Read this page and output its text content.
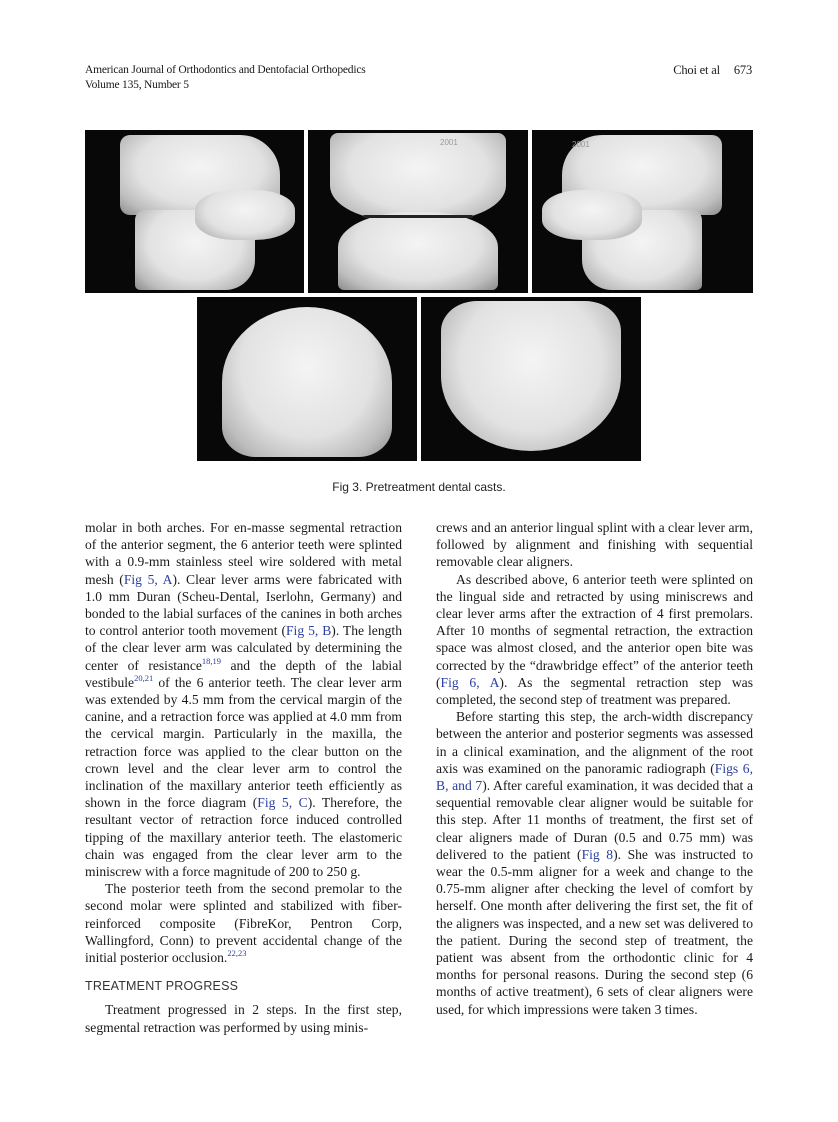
American Journal of Orthodontics and Dentofacial Orthopedics
Volume 135, Number 5
Choi et al 673
2001	2001
Fig 3. Pretreatment dental casts.

molar in both arches. For en-masse segmental retraction of the anterior segment, the 6 anterior teeth were splinted with a 0.9-mm stainless steel wire soldered with metal mesh (Fig 5, A). Clear lever arms were fabricated with 1.0 mm Duran (Scheu-Dental, Iserlohn, Germany) and bonded to the labial surfaces of the canines in both arches to control anterior tooth movement (Fig 5, B). The length of the clear lever arm was calculated by determining the center of resistance$^{18,19}$ and the depth of the labial vestibule$^{20,21}$ of the 6 anterior teeth. The clear lever arm was extended by 4.5 mm from the cervical margin of the canine, and a retraction force was applied at 4.0 mm from the cervical margin. Particularly in the maxilla, the retraction force was applied to the clear button on the crown level and the clear lever arm to control the inclination of the maxillary anterior teeth efficiently as shown in the force diagram (Fig 5, C). Therefore, the resultant vector of retraction force induced controlled tipping of the maxillary anterior teeth. The elastomeric chain was engaged from the clear lever arm to the miniscrew with a force magnitude of 200 to 250 g.

The posterior teeth from the second premolar to the second molar were splinted and stabilized with fiber-reinforced composite (FibreKor, Pentron Corp, Wallingford, Conn) to prevent accidental change of the initial posterior occlusion.$^{22,23}$

TREATMENT PROGRESS

Treatment progressed in 2 steps. In the first step, segmental retraction was performed by using minis-

crews and an anterior lingual splint with a clear lever arm, followed by alignment and finishing with sequential removable clear aligners.

As described above, 6 anterior teeth were splinted on the lingual side and retracted by using miniscrews and clear lever arms after the extraction of 4 first premolars. After 10 months of segmental retraction, the extraction space was almost closed, and the anterior open bite was corrected by the “drawbridge effect” of the anterior teeth (Fig 6, A). As the segmental retraction step was completed, the second step of treatment was prepared.

Before starting this step, the arch-width discrepancy between the anterior and posterior segments was assessed in a clinical examination, and the alignment of the root axis was examined on the panoramic radiograph (Figs 6, B, and 7). After careful examination, it was decided that a sequential removable clear aligner would be suitable for this step. After 11 months of treatment, the first set of clear aligners made of Duran (0.5 and 0.75 mm) was delivered to the patient (Fig 8). She was instructed to wear the 0.5-mm aligner for a week and change to the 0.75-mm aligner after checking the level of comfort by herself. One month after delivering the first set, the fit of the aligners was inspected, and a new set was delivered to the patient. During the second step of treatment, the patient was absent from the orthodontic clinic for 4 months for personal reasons. During the second step (6 months of active treatment), 6 sets of clear aligners were used, for which impressions were taken 3 times.
